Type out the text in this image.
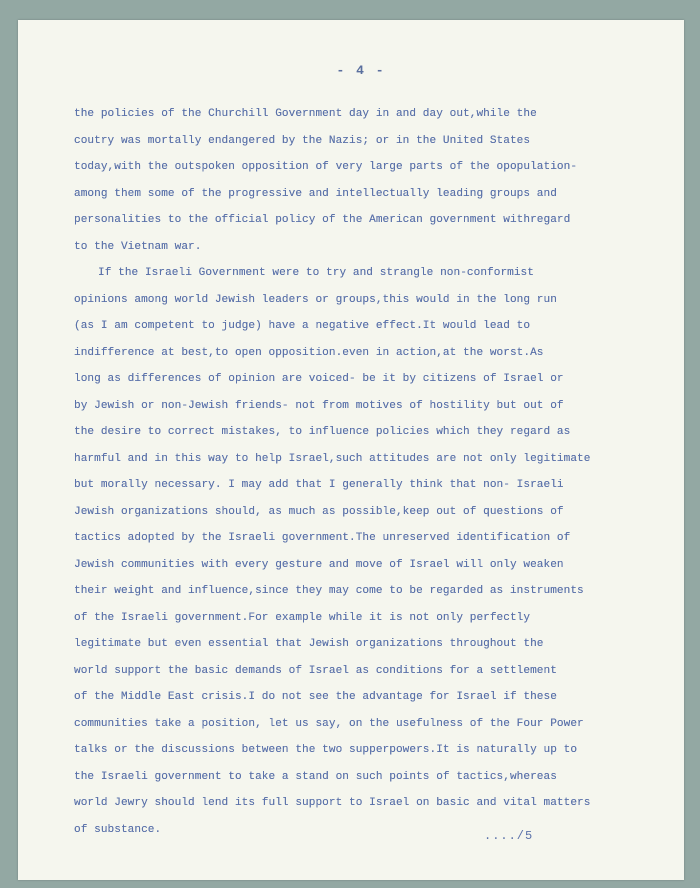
- 4 -
the policies of the Churchill Government day in and day out,while the
coutry was mortally endangered by the Nazis; or in the United States
today,with the outspoken opposition of very large parts of the opopulation-
among them some of the progressive and intellectually leading groups and
personalities to the official policy of the American government withregard
to the Vietnam war.
If the Israeli Government were to try and strangle non-conformist
opinions among world Jewish leaders or groups,this would in the long run
(as I am competent to judge) have a negative effect.It would lead to
indifference at best,to open opposition.even in action,at the worst.As
long as differences of opinion are voiced- be it by citizens of Israel or
by Jewish or non-Jewish friends- not from motives of hostility but out of
the desire to correct mistakes, to influence policies which they regard as
harmful and in this way to help Israel,such attitudes are not only legitimate
but morally necessary. I may add that I generally think that non- Israeli
Jewish organizations should, as much as possible,keep out of questions of
tactics adopted by the Israeli government.The unreserved identification of
Jewish communities with every gesture and move of Israel will only weaken
their weight and influence,since they may come to be regarded as instruments
of the Israeli government.For example while it is not only perfectly
legitimate but even essential that Jewish organizations throughout the
world support the basic demands of Israel as conditions for a settlement
of the Middle East crisis.I do not see the advantage for Israel if these
communities take a position, let us say, on the usefulness of the Four Power
talks or the discussions between the two supperpowers.It is naturally up to
the Israeli government to take a stand on such points of tactics,whereas
world Jewry should lend its full support to Israel on basic and vital matters
of substance.	..../5
